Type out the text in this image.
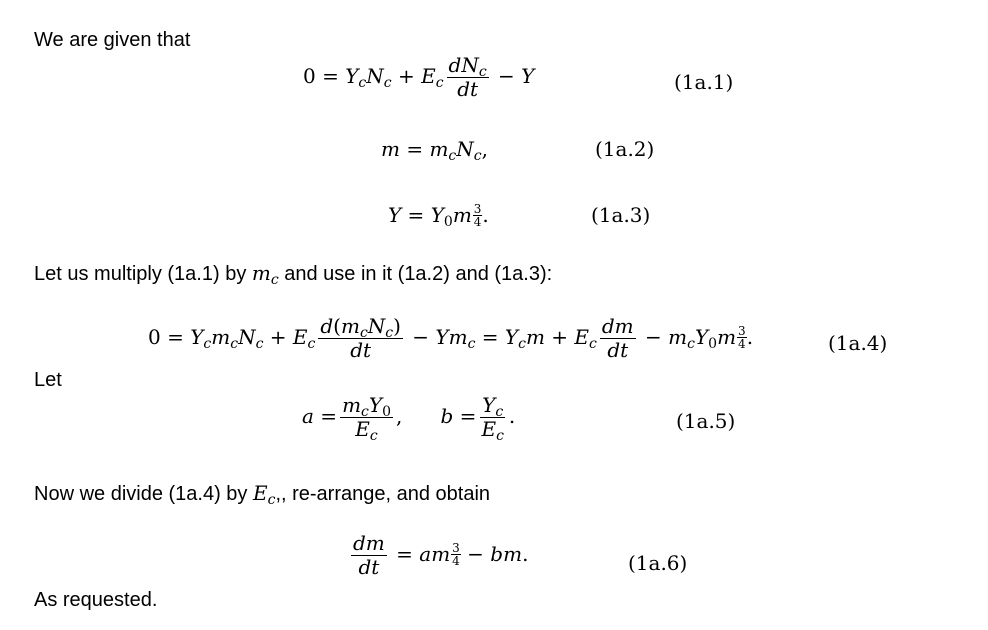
We are given that
$0 = Y_cN_c + E_c \frac{dN_c}{dt} - Y$	(1a.1)
$m = m_cN_c$,	(1a.2)
$Y = Y_0m \frac{3}{4}$ .	(1a.3)
Let us multiply (1a.1) by $m_c$ and use in it (1a.2) and (1a.3):
$0 = Y_cm_cN_c + E_c \frac{d(m_cN_c)}{dt} - Ym_c = Y_cm + E_c \frac{dm}{dt} - m_cY_0m \frac{3}{4}$ .	(1a.4)
Let
$a = \frac{m_cY_0}{E_c}$ ,      $b = \frac{Y_c}{E_c}$ .	(1a.5)
Now we divide (1a.4) by $E_c$,, re-arrange, and obtain
$\frac{dm}{dt}$ = am $\frac{3}{4}$ − bm.	(1a.6)
As requested.
